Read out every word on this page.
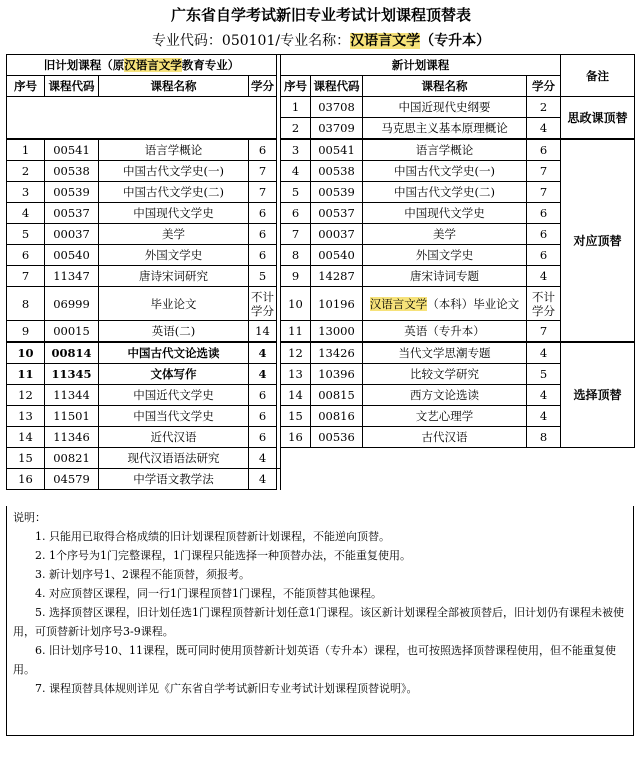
广东省自学考试新旧专业考试计划课程顶替表
专业代码：050101/专业名称：汉语言文学（专升本）
旧计划课程（原汉语言文学教育专业）					新计划课程				备注
序号	课程代码	课程名称	学分		序号	课程代码	课程名称	学分	
					1	03708	中国近现代史纲要	2	思政课顶替
					2	03709	马克思主义基本原理概论	4	
1	00541	语言学概论	6		3	00541	语言学概论	6	对应顶替
2	00538	中国古代文学史(一)	7		4	00538	中国古代文学史(一)	7	
3	00539	中国古代文学史(二)	7		5	00539	中国古代文学史(二)	7	
4	00537	中国现代文学史	6		6	00537	中国现代文学史	6	
5	00037	美学	6		7	00037	美学	6	
6	00540	外国文学史	6		8	00540	外国文学史	6	
7	11347	唐诗宋词研究	5		9	14287	唐宋诗词专题	4	
8	06999	毕业论文	不计学分		10	10196	汉语言文学（本科）毕业论文	不计学分	
9	00015	英语(二)	14		11	13000	英语（专升本）	7	
10	00814	中国古代文论选读	4		12	13426	当代文学思潮专题	4	选择顶替
11	11345	文体写作	4		13	10396	比较文学研究	5	
12	11344	中国近代文学史	6		14	00815	西方文论选读	4	
13	11501	中国当代文学史	6		15	00816	文艺心理学	4	
14	11346	近代汉语	6		16	00536	古代汉语	8	
15	00821	现代汉语语法研究	4						
16	04579	中学语文教学法	4						

说明：

1. 只能用已取得合格成绩的旧计划课程顶替新计划课程，不能逆向顶替。

2. 1个序号为1门完整课程，1门课程只能选择一种顶替办法，不能重复使用。

3. 新计划序号1、2课程不能顶替，须报考。

4. 对应顶替区课程，同一行1门课程顶替1门课程，不能顶替其他课程。

5. 选择顶替区课程，旧计划任选1门课程顶替新计划任意1门课程。该区新计划课程全部被顶替后，旧计划仍有课程未被使用，可顶替新计划序号3-9课程。

6. 旧计划序号10、11课程，既可同时使用顶替新计划英语（专升本）课程，也可按照选择顶替课程使用，但不能重复使用。

7. 课程顶替具体规则详见《广东省自学考试新旧专业考试计划课程顶替说明》。
